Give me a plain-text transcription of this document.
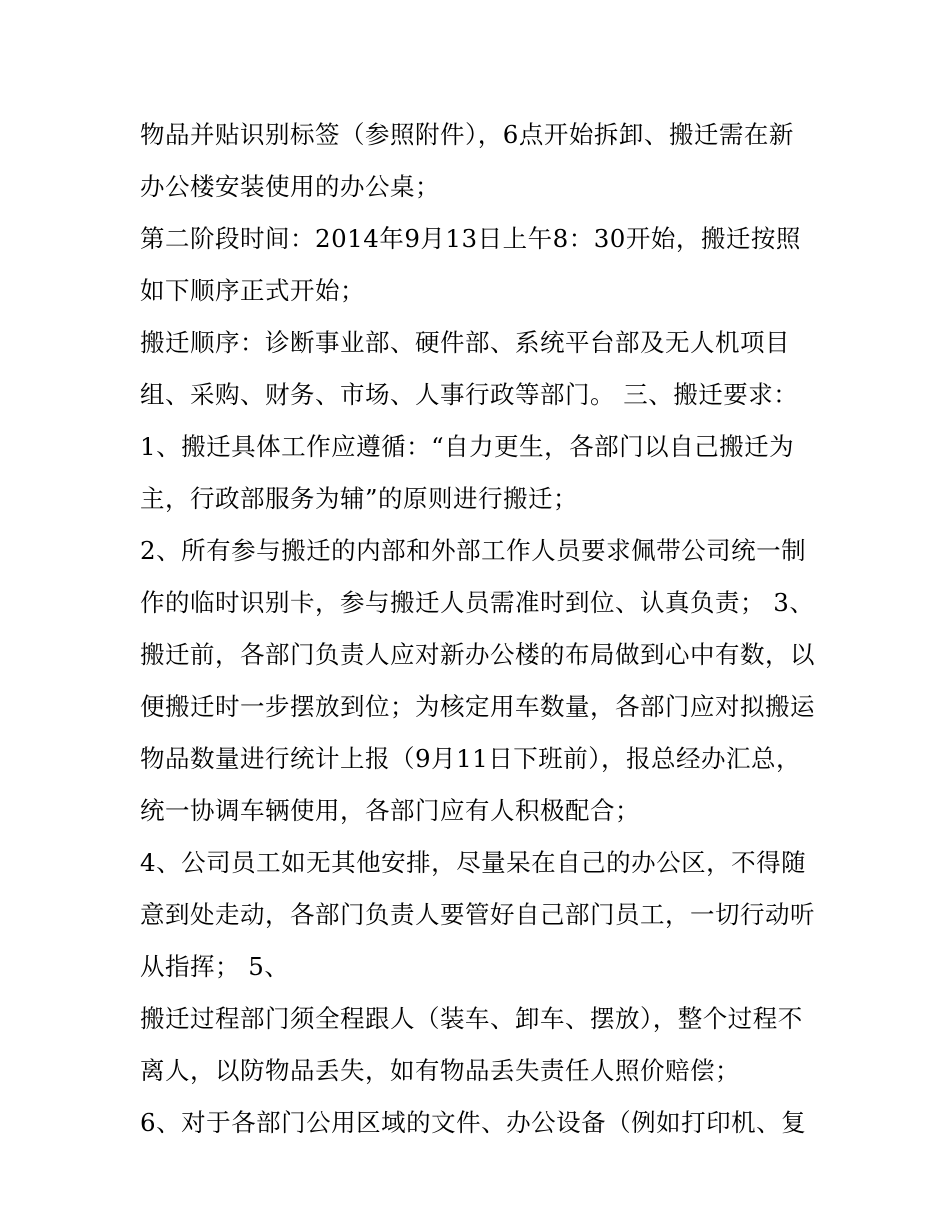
物品并贴识别标签（参照附件），6点开始拆卸、搬迁需在新
办公楼安装使用的办公桌；
第二阶段时间：2014年9月13日上午8：30开始，搬迁按照
如下顺序正式开始；
搬迁顺序：诊断事业部、硬件部、系统平台部及无人机项目
组、采购、财务、市场、人事行政等部门。 三、搬迁要求：
1、搬迁具体工作应遵循：“自力更生，各部门以自己搬迁为
主，行政部服务为辅”的原则进行搬迁；
2、所有参与搬迁的内部和外部工作人员要求佩带公司统一制
作的临时识别卡，参与搬迁人员需准时到位、认真负责； 3、
搬迁前，各部门负责人应对新办公楼的布局做到心中有数，以
便搬迁时一步摆放到位；为核定用车数量，各部门应对拟搬运
物品数量进行统计上报（9月11日下班前），报总经办汇总，
统一协调车辆使用，各部门应有人积极配合；
4、公司员工如无其他安排，尽量呆在自己的办公区，不得随
意到处走动，各部门负责人要管好自己部门员工，一切行动听
从指挥； 5、
搬迁过程部门须全程跟人（装车、卸车、摆放），整个过程不
离人，以防物品丢失，如有物品丢失责任人照价赔偿；
6、对于各部门公用区域的文件、办公设备（例如打印机、复
